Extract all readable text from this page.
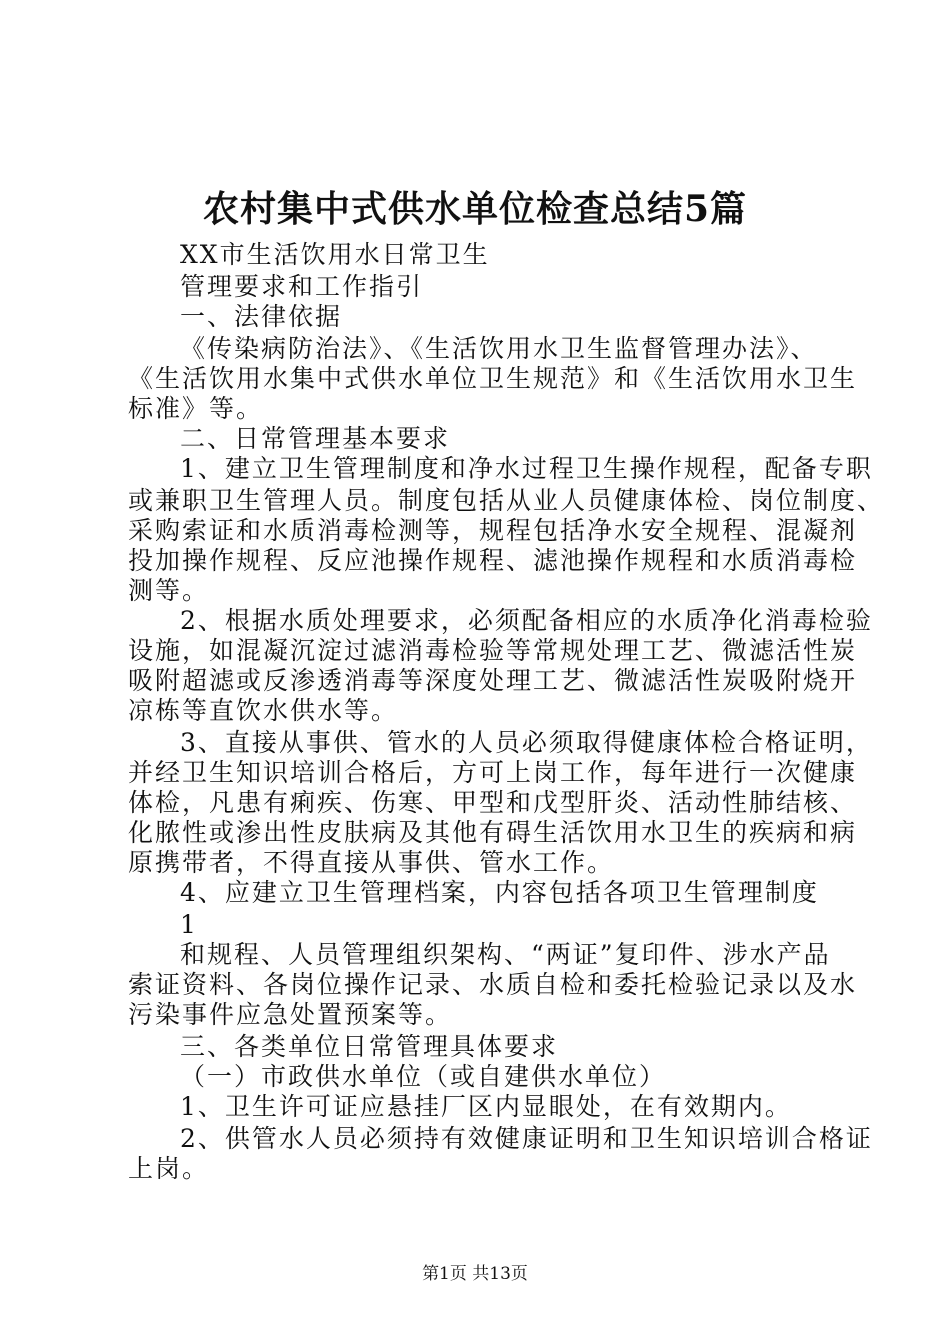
农村集中式供水单位检查总结5篇

XX市生活饮用水日常卫生

管理要求和工作指引

一、法律依据

《传染病防治法》、《生活饮用水卫生监督管理办法》、

《生活饮用水集中式供水单位卫生规范》和《生活饮用水卫生

标准》等。

二、日常管理基本要求

1、建立卫生管理制度和净水过程卫生操作规程，配备专职

或兼职卫生管理人员。制度包括从业人员健康体检、岗位制度、

采购索证和水质消毒检测等，规程包括净水安全规程、混凝剂

投加操作规程、反应池操作规程、滤池操作规程和水质消毒检

测等。

2、根据水质处理要求，必须配备相应的水质净化消毒检验

设施，如混凝沉淀过滤消毒检验等常规处理工艺、微滤活性炭

吸附超滤或反渗透消毒等深度处理工艺、微滤活性炭吸附烧开

凉栋等直饮水供水等。

3、直接从事供、管水的人员必须取得健康体检合格证明，

并经卫生知识培训合格后，方可上岗工作，每年进行一次健康

体检，凡患有痢疾、伤寒、甲型和戊型肝炎、活动性肺结核、

化脓性或渗出性皮肤病及其他有碍生活饮用水卫生的疾病和病

原携带者，不得直接从事供、管水工作。

4、应建立卫生管理档案，内容包括各项卫生管理制度

1

和规程、人员管理组织架构、“两证”复印件、涉水产品

索证资料、各岗位操作记录、水质自检和委托检验记录以及水

污染事件应急处置预案等。

三、各类单位日常管理具体要求

（一）市政供水单位（或自建供水单位）

1、卫生许可证应悬挂厂区内显眼处，在有效期内。

2、供管水人员必须持有效健康证明和卫生知识培训合格证

上岗。

第1页 共13页
